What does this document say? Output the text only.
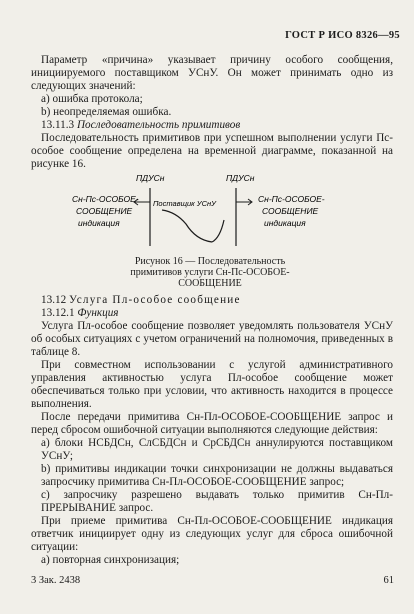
ГОСТ Р ИСО 8326—95

Параметр «причина» указывает причину особого сообщения, инициируемого поставщиком УСнУ. Он может принимать одно из следующих значений:

а) ошибка протокола;

b) неопределяемая ошибка.

13.11.3 Последовательность примитивов

Последовательность примитивов при успешном выполнении услуги Пс-особое сообщение определена на временной диаграмме, показанной на рисунке 16.

ПДУСн	ПДУСн
Поставщик УСнУ
Сн-Пс-ОСОБОЕ-
СООБЩЕНИЕ
индикация
Сн-Пс-ОСОБОЕ-
СООБЩЕНИЕ
индикация
Рисунок 16 — Последовательность
примитивов услуги Сн-Пс-ОСОБОЕ-
СООБЩЕНИЕ

13.12 Услуга Пл-особое сообщение

13.12.1 Функция

Услуга Пл-особое сообщение позволяет уведомлять пользователя УСнУ об особых ситуациях с учетом ограничений на полномочия, приведенных в таблице 8.

При совместном использовании с услугой административного управления активностью услуга Пл-особое сообщение может обеспечиваться только при условии, что активность находится в процессе выполнения.

После передачи примитива Сн-Пл-ОСОБОЕ-СООБЩЕНИЕ запрос и перед сбросом ошибочной ситуации выполняются следующие действия:

а) блоки НСБДСн, СлСБДСн и СрСБДСн аннулируются поставщиком УСнУ;

b) примитивы индикации точки синхронизации не должны выдаваться запросчику примитива Сн-Пл-ОСОБОЕ-СООБЩЕНИЕ запрос;

с) запросчику разрешено выдавать только примитив Сн-Пл-ПРЕРЫВАНИЕ запрос.

При приеме примитива Сн-Пл-ОСОБОЕ-СООБЩЕНИЕ индикация ответчик инициирует одну из следующих услуг для сброса ошибочной ситуации:

а) повторная синхронизация;

3 Зак. 2438	61
